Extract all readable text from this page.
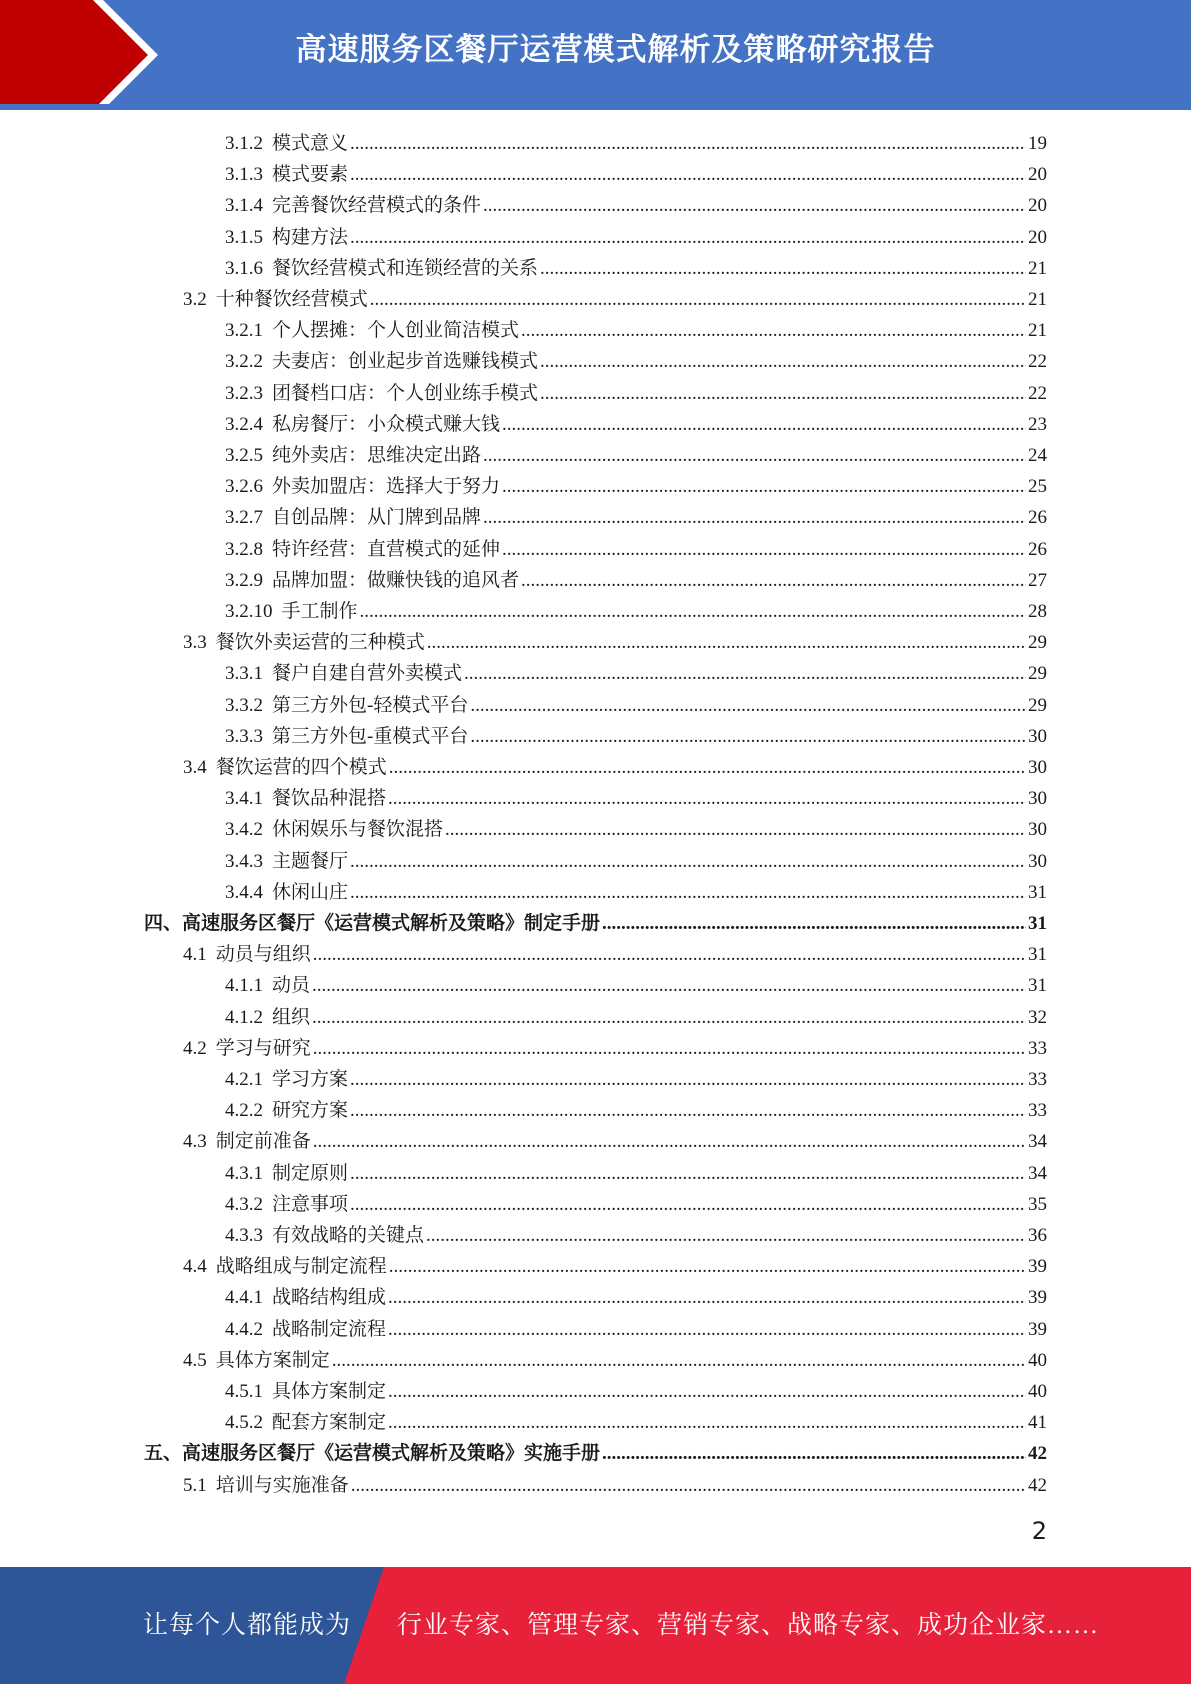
高速服务区餐厅运营模式解析及策略研究报告
3.1.2 模式意义 .....	19
3.1.3 模式要素 .....	20
3.1.4 完善餐饮经营模式的条件 .....	20
3.1.5 构建方法 .....	20
3.1.6 餐饮经营模式和连锁经营的关系 .....	21
3.2 十种餐饮经营模式 .....	21
3.2.1 个人摆摊：个人创业简洁模式 .....	21
3.2.2 夫妻店：创业起步首选赚钱模式 .....	22
3.2.3 团餐档口店：个人创业练手模式 .....	22
3.2.4 私房餐厅：小众模式赚大钱 .....	23
3.2.5 纯外卖店：思维决定出路 .....	24
3.2.6 外卖加盟店：选择大于努力 .....	25
3.2.7 自创品牌：从门牌到品牌 .....	26
3.2.8 特许经营：直营模式的延伸 .....	26
3.2.9 品牌加盟：做赚快钱的追风者 .....	27
3.2.10 手工制作 .....	28
3.3 餐饮外卖运营的三种模式 .....	29
3.3.1 餐户自建自营外卖模式 .....	29
3.3.2 第三方外包-轻模式平台 .....	29
3.3.3 第三方外包-重模式平台 .....	30
3.4 餐饮运营的四个模式 .....	30
3.4.1 餐饮品种混搭 .....	30
3.4.2 休闲娱乐与餐饮混搭 .....	30
3.4.3 主题餐厅 .....	30
3.4.4 休闲山庄 .....	31
四、高速服务区餐厅《运营模式解析及策略》制定手册 .....	31
4.1 动员与组织 .....	31
4.1.1 动员 .....	31
4.1.2 组织 .....	32
4.2 学习与研究 .....	33
4.2.1 学习方案 .....	33
4.2.2 研究方案 .....	33
4.3 制定前准备 .....	34
4.3.1 制定原则 .....	34
4.3.2 注意事项 .....	35
4.3.3 有效战略的关键点 .....	36
4.4 战略组成与制定流程 .....	39
4.4.1 战略结构组成 .....	39
4.4.2 战略制定流程 .....	39
4.5 具体方案制定 .....	40
4.5.1 具体方案制定 .....	40
4.5.2 配套方案制定 .....	41
五、高速服务区餐厅《运营模式解析及策略》实施手册 .....	42
5.1 培训与实施准备 .....	42
2
让每个人都能成为 行业专家、管理专家、营销专家、战略专家、成功企业家……
